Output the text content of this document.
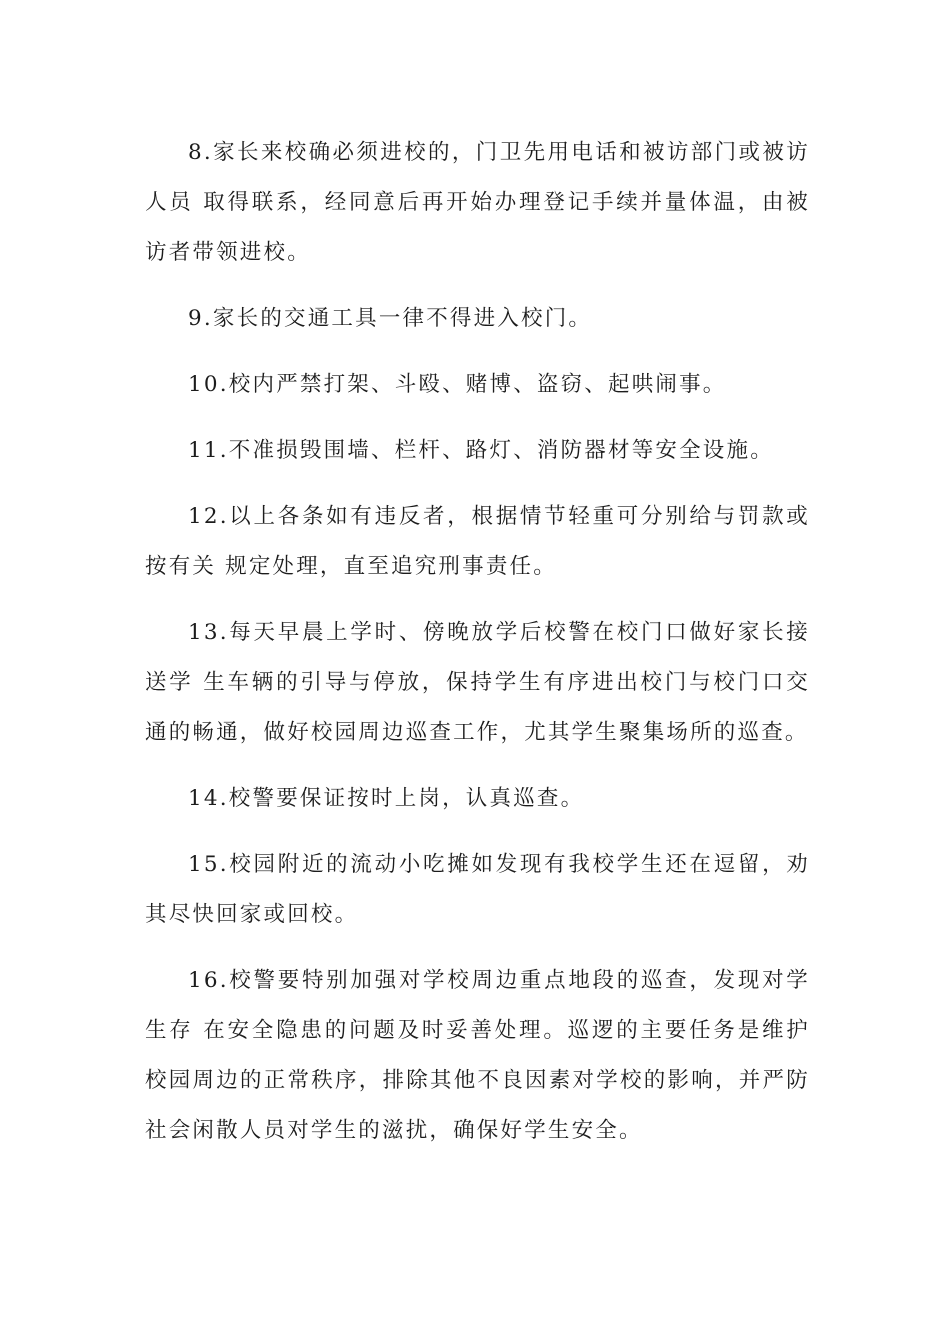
8.家长来校确必须进校的，门卫先用电话和被访部门或被访人员 取得联系，经同意后再开始办理登记手续并量体温，由被访者带领进校。

9.家长的交通工具一律不得进入校门。

10.校内严禁打架、斗殴、赌博、盗窃、起哄闹事。

11.不准损毁围墙、栏杆、路灯、消防器材等安全设施。

12.以上各条如有违反者，根据情节轻重可分别给与罚款或按有关 规定处理，直至追究刑事责任。

13.每天早晨上学时、傍晚放学后校警在校门口做好家长接送学 生车辆的引导与停放，保持学生有序进出校门与校门口交通的畅通，做好校园周边巡查工作，尤其学生聚集场所的巡查。

14.校警要保证按时上岗，认真巡查。

15.校园附近的流动小吃摊如发现有我校学生还在逗留，劝其尽快回家或回校。

16.校警要特别加强对学校周边重点地段的巡查，发现对学生存 在安全隐患的问题及时妥善处理。巡逻的主要任务是维护校园周边的正常秩序，排除其他不良因素对学校的影响，并严防社会闲散人员对学生的滋扰，确保好学生安全。
